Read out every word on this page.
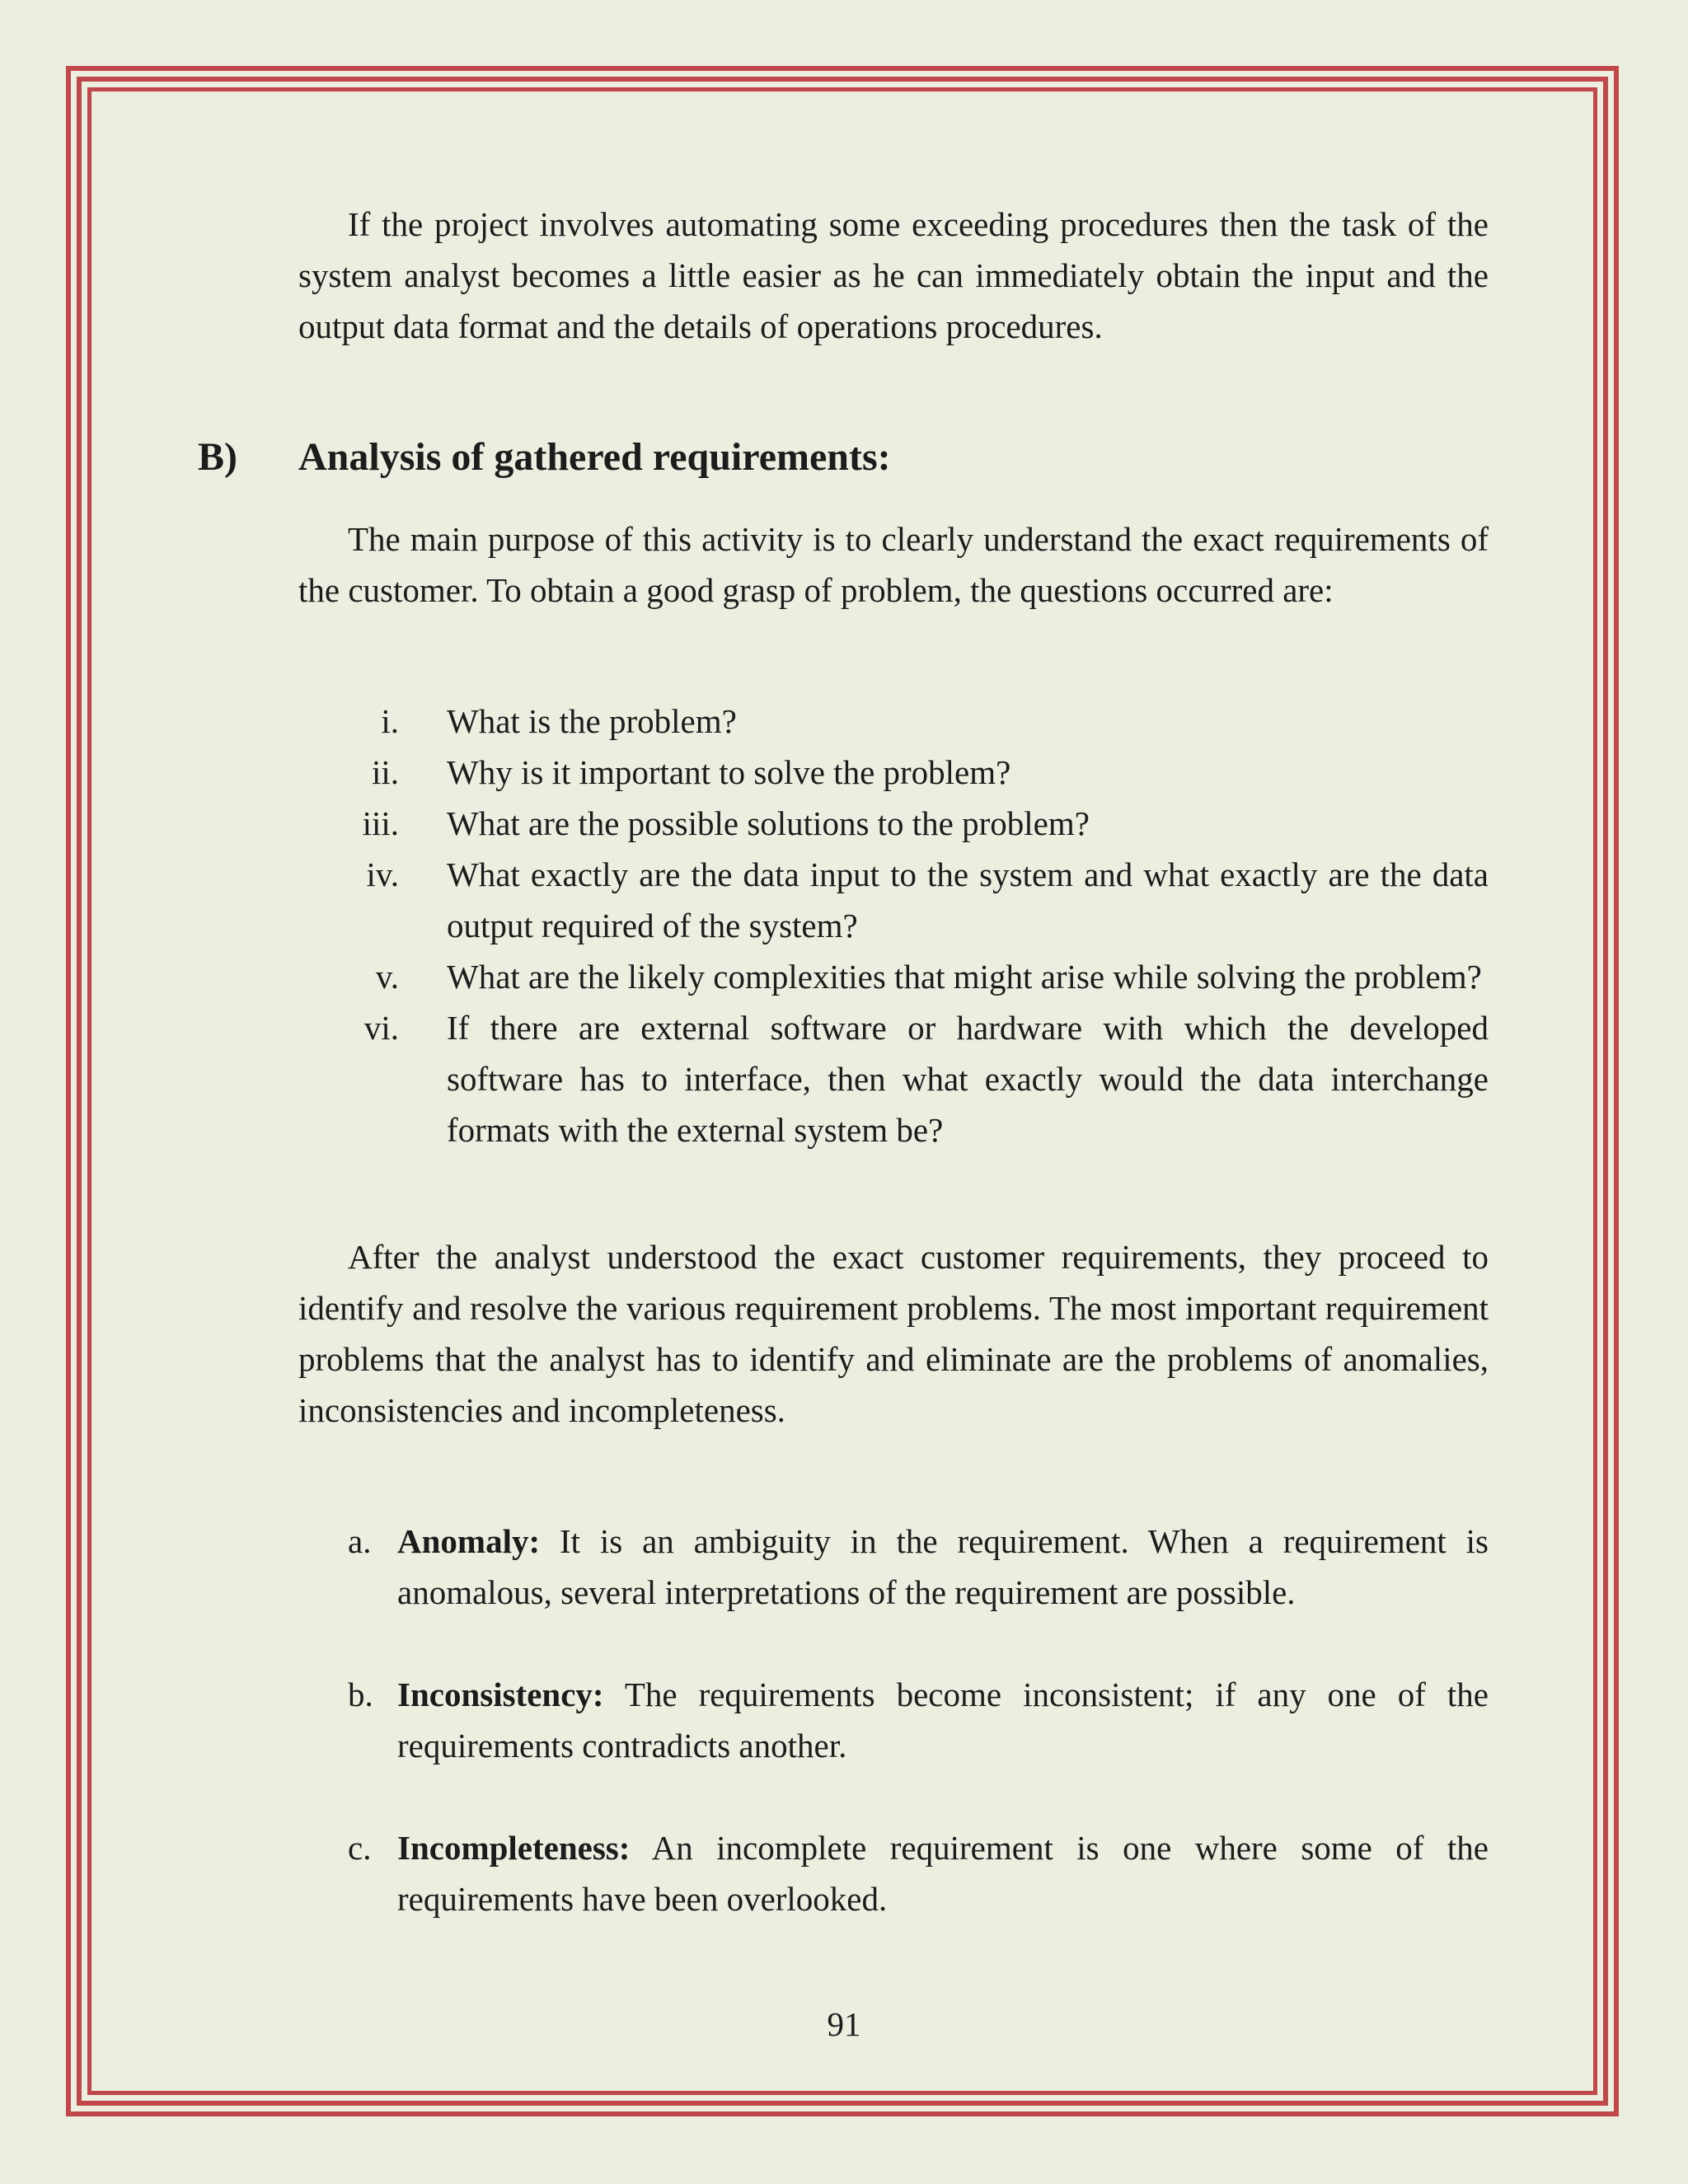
If the project involves automating some exceeding procedures then the task of the system analyst becomes a little easier as he can immediately obtain the input and the output data format and the details of operations procedures.

B) Analysis of gathered requirements:

The main purpose of this activity is to clearly understand the exact requirements of the customer. To obtain a good grasp of problem, the questions occurred are:

i. What is the problem?
ii. Why is it important to solve the problem?
iii. What are the possible solutions to the problem?
iv. What exactly are the data input to the system and what exactly are the data output required of the system?
v. What are the likely complexities that might arise while solving the problem?
vi. If there are external software or hardware with which the developed software has to interface, then what exactly would the data interchange formats with the external system be?

After the analyst understood the exact customer requirements, they proceed to identify and resolve the various requirement problems. The most important requirement problems that the analyst has to identify and eliminate are the problems of anomalies, inconsistencies and incompleteness.

a. Anomaly: It is an ambiguity in the requirement. When a requirement is anomalous, several interpretations of the requirement are possible.
b. Inconsistency: The requirements become inconsistent; if any one of the requirements contradicts another.
c. Incompleteness: An incomplete requirement is one where some of the requirements have been overlooked.
91
